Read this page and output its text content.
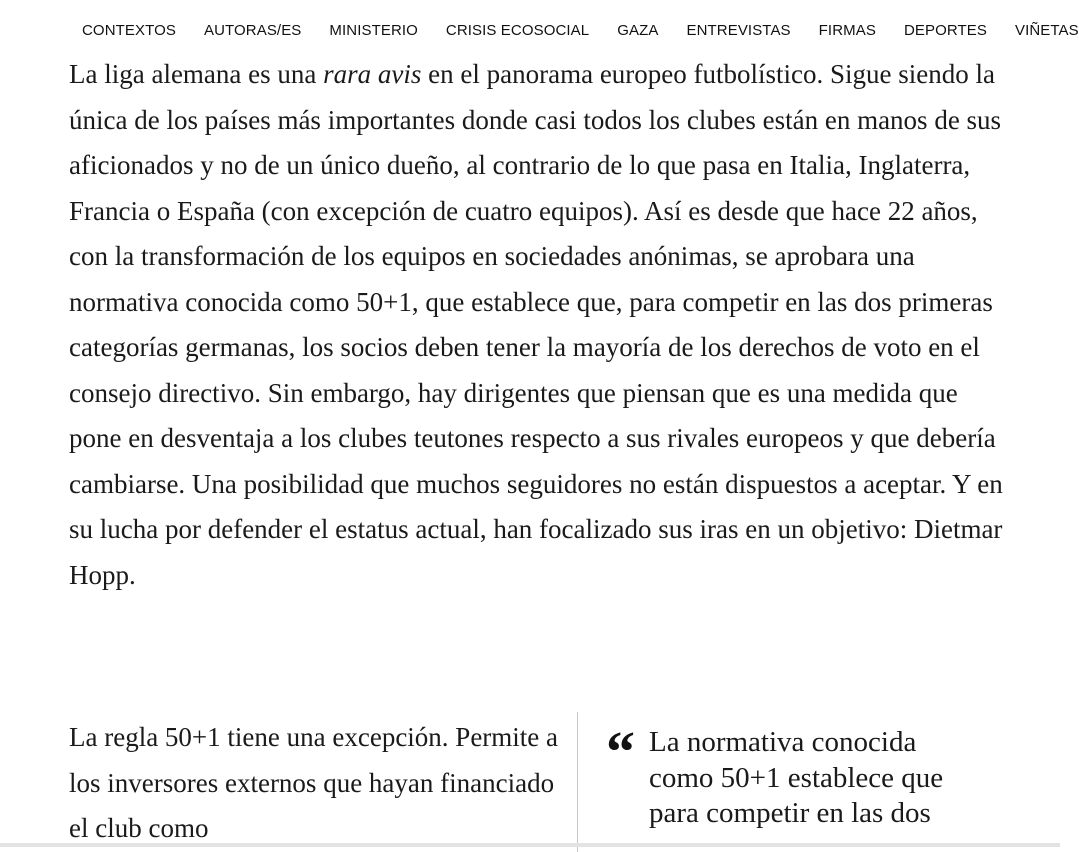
CONTEXTOS AUTORAS/ES MINISTERIO CRISIS ECOSOCIAL GAZA ENTREVISTAS FIRMAS DEPORTES VIÑETAS

La liga alemana es una rara avis en el panorama europeo futbolístico. Sigue siendo la única de los países más importantes donde casi todos los clubes están en manos de sus aficionados y no de un único dueño, al contrario de lo que pasa en Italia, Inglaterra, Francia o España (con excepción de cuatro equipos). Así es desde que hace 22 años, con la transformación de los equipos en sociedades anónimas, se aprobara una normativa conocida como 50+1, que establece que, para competir en las dos primeras categorías germanas, los socios deben tener la mayoría de los derechos de voto en el consejo directivo. Sin embargo, hay dirigentes que piensan que es una medida que pone en desventaja a los clubes teutones respecto a sus rivales europeos y que debería cambiarse. Una posibilidad que muchos seguidores no están dispuestos a aceptar. Y en su lucha por defender el estatus actual, han focalizado sus iras en un objetivo: Dietmar Hopp.

La regla 50+1 tiene una excepción. Permite a los inversores externos que hayan financiado el club como

“ La normativa conocida como 50+1 establece que para competir en las dos
